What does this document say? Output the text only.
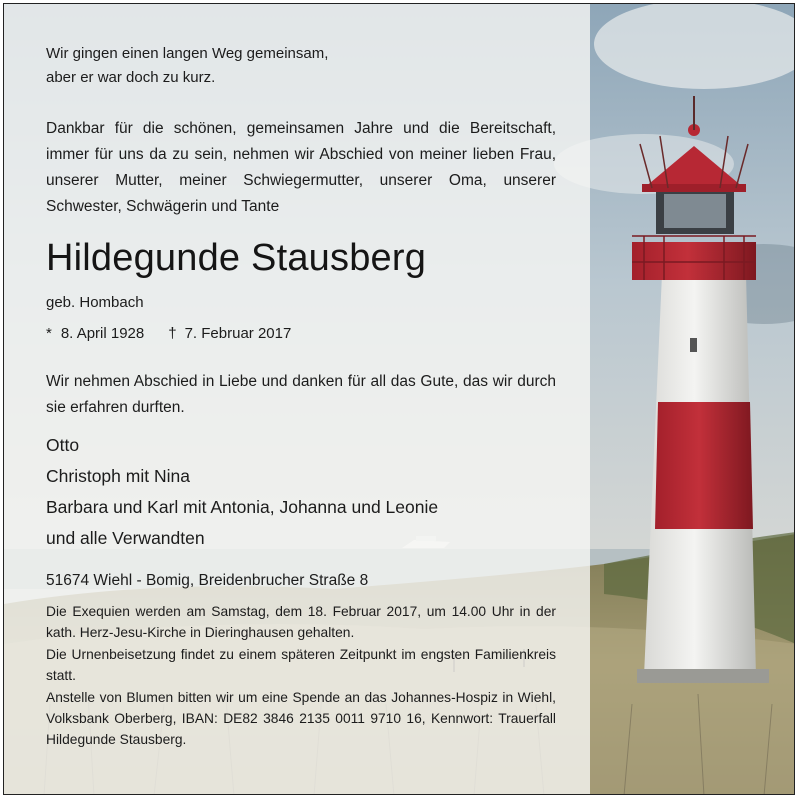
Wir gingen einen langen Weg gemeinsam,
aber er war doch zu kurz.

Dankbar für die schönen, gemeinsamen Jahre und die Bereitschaft, immer für uns da zu sein, nehmen wir Abschied von meiner lieben Frau, unserer Mutter, meiner Schwiegermutter, unserer Oma, unserer Schwester, Schwägerin und Tante

Hildegunde Stausberg
geb. Hombach
* 8. April 1928 † 7. Februar 2017

Wir nehmen Abschied in Liebe und danken für all das Gute, das wir durch sie erfahren durften.

Otto
Christoph mit Nina
Barbara und Karl mit Antonia, Johanna und Leonie
und alle Verwandten
51674 Wiehl - Bomig, Breidenbrucher Straße 8
Die Exequien werden am Samstag, dem 18. Februar 2017, um 14.00 Uhr in der kath. Herz-Jesu-Kirche in Dieringhausen gehalten.
Die Urnenbeisetzung findet zu einem späteren Zeitpunkt im engsten Familienkreis statt.
Anstelle von Blumen bitten wir um eine Spende an das Johannes-Hospiz in Wiehl, Volksbank Oberberg, IBAN: DE82 3846 2135 0011 9710 16, Kennwort: Trauerfall Hildegunde Stausberg.
